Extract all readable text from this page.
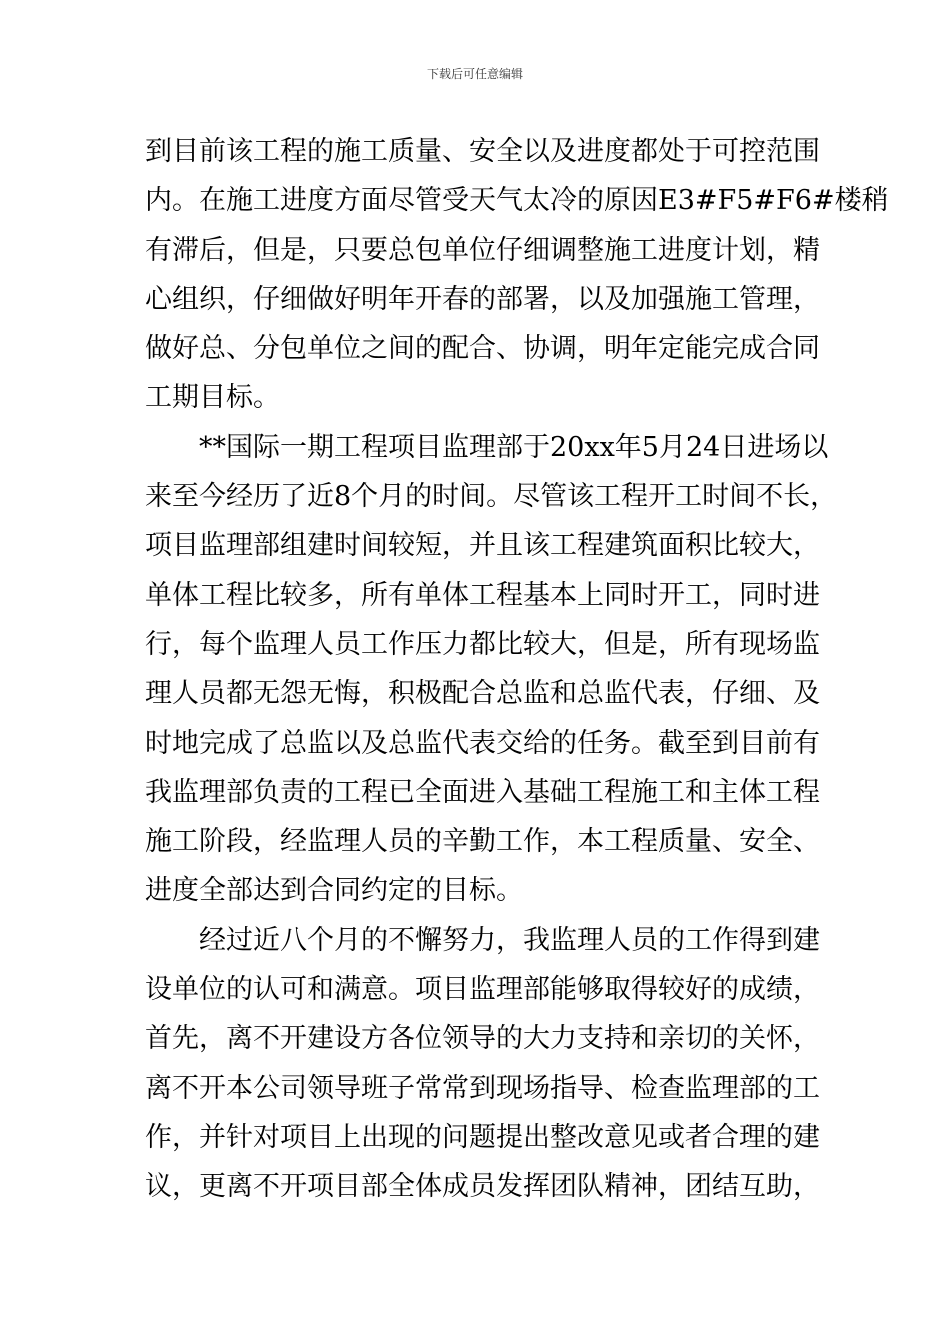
下载后可任意编辑
到目前该工程的施工质量、安全以及进度都处于可控范围
内。在施工进度方面尽管受天气太冷的原因E3#F5#F6#楼稍
有滞后，但是，只要总包单位仔细调整施工进度计划，精
心组织，仔细做好明年开春的部署，以及加强施工管理，
做好总、分包单位之间的配合、协调，明年定能完成合同
工期目标。
**国际一期工程项目监理部于20xx年5月24日进场以
来至今经历了近8个月的时间。尽管该工程开工时间不长，
项目监理部组建时间较短，并且该工程建筑面积比较大，
单体工程比较多，所有单体工程基本上同时开工，同时进
行，每个监理人员工作压力都比较大，但是，所有现场监
理人员都无怨无悔，积极配合总监和总监代表，仔细、及
时地完成了总监以及总监代表交给的任务。截至到目前有
我监理部负责的工程已全面进入基础工程施工和主体工程
施工阶段，经监理人员的辛勤工作，本工程质量、安全、
进度全部达到合同约定的目标。
经过近八个月的不懈努力，我监理人员的工作得到建
设单位的认可和满意。项目监理部能够取得较好的成绩，
首先，离不开建设方各位领导的大力支持和亲切的关怀，
离不开本公司领导班子常常到现场指导、检查监理部的工
作，并针对项目上出现的问题提出整改意见或者合理的建
议，更离不开项目部全体成员发挥团队精神，团结互助，
